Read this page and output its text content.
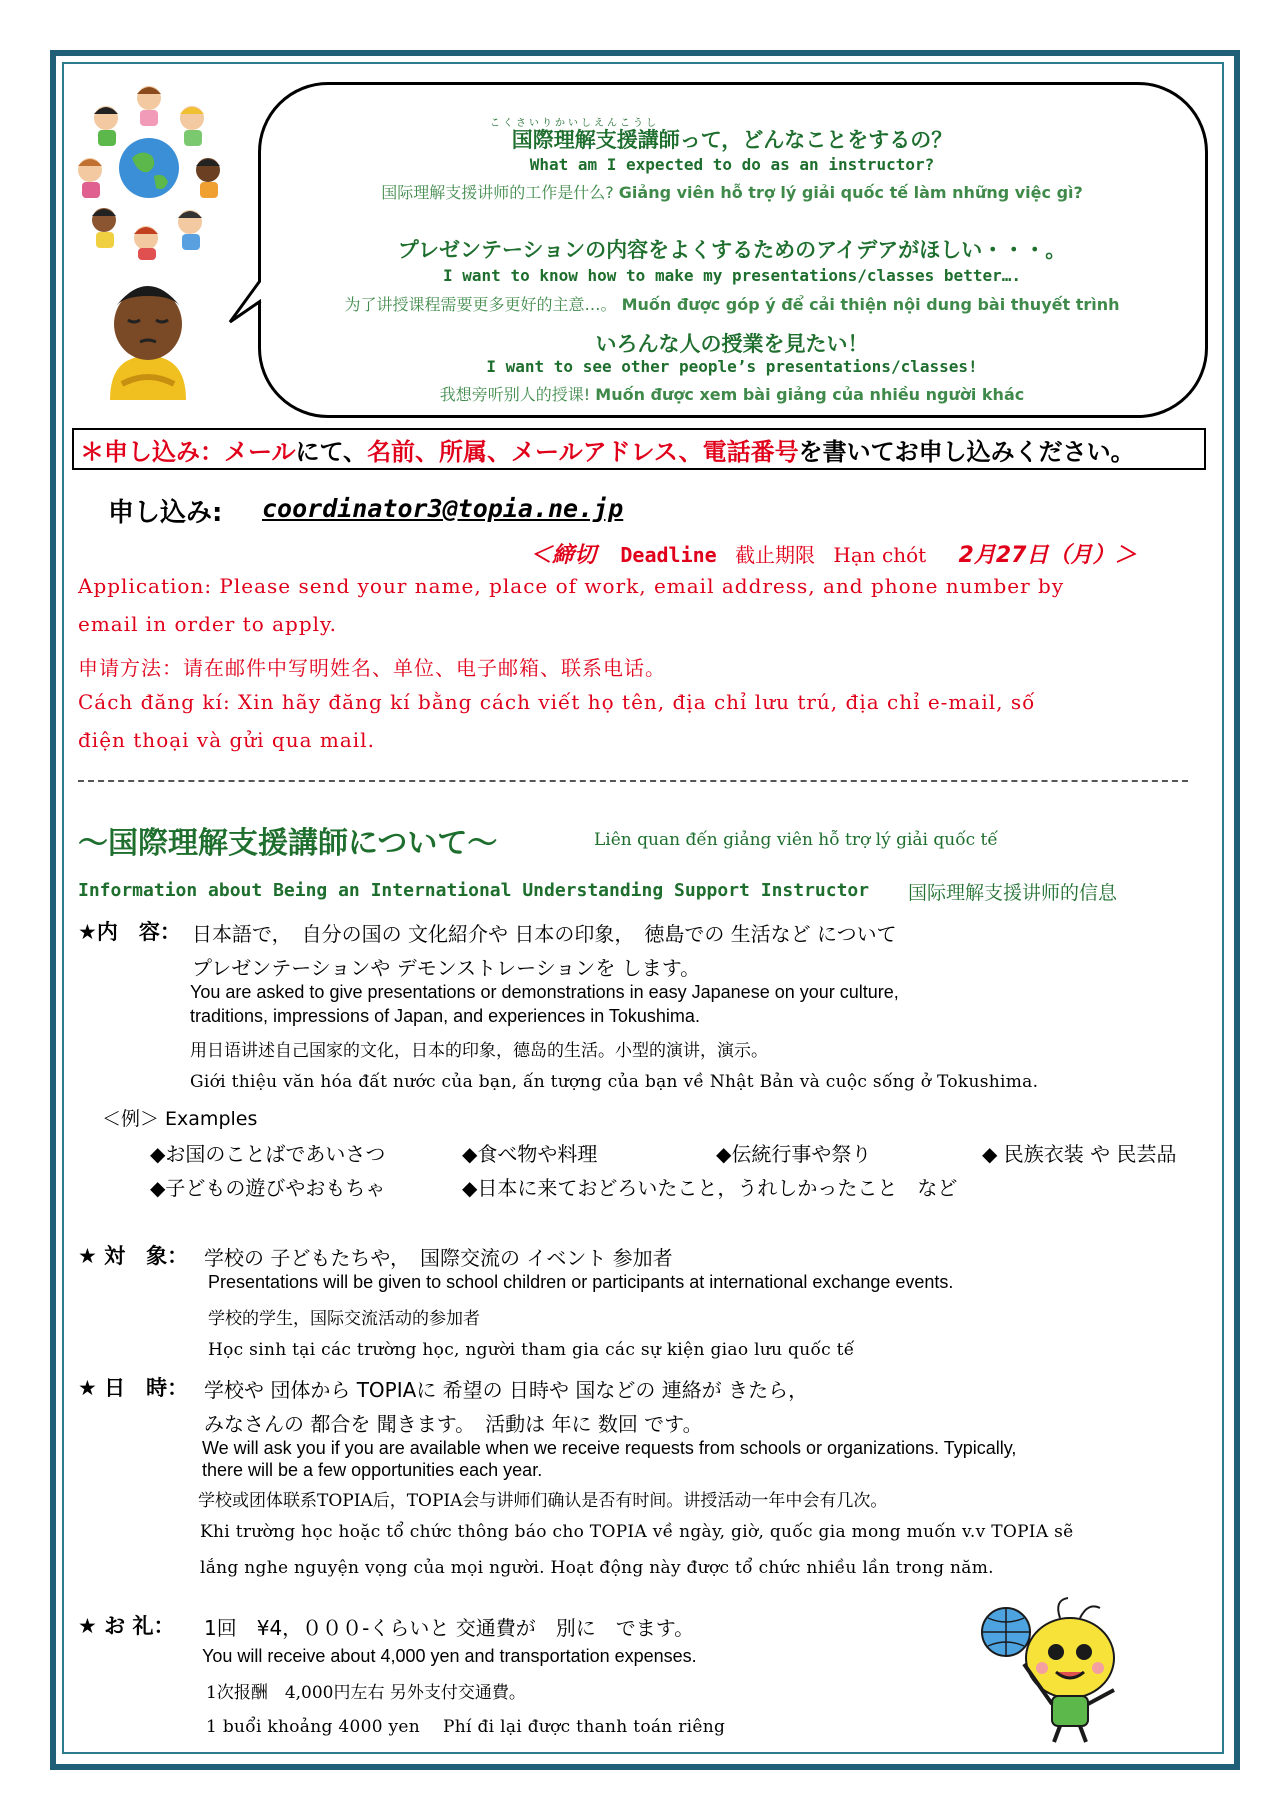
こくさいりかいしえんこうし
国際理解支援講師って，どんなことをするの？
What am I expected to do as an instructor?
国际理解支援讲师的工作是什么? Giảng viên hỗ trợ lý giải quốc tế làm những việc gì?
プレゼンテーションの内容をよくするためのアイデアがほしい・・・。
I want to know how to make my presentations/classes better….
为了讲授课程需要更多更好的主意…。 Muốn được góp ý để cải thiện nội dung bài thuyết trình
いろんな人の授業を見たい！
I want to see other people’s presentations/classes!
我想旁听别人的授课! Muốn được xem bài giảng của nhiều người khác
＊申し込み：メールにて、名前、所属、メールアドレス、電話番号を書いてお申し込みください。
申し込み: coordinator3@topia.ne.jp
＜締切 Deadline 截止期限 Hạn chót 2月27日（月）＞
Application: Please send your name, place of work, email address, and phone number by
email in order to apply.
申请方法：请在邮件中写明姓名、单位、电子邮箱、联系电话。
Cách đăng kí: Xin hãy đăng kí bằng cách viết họ tên, địa chỉ lưu trú, địa chỉ e-mail, số
điện thoại và gửi qua mail.
〜国際理解支援講師について〜	Liên quan đến giảng viên hỗ trợ lý giải quốc tế
Information about Being an International Understanding Support Instructor 国际理解支援讲师的信息
★内　容： 日本語で，　自分の国の 文化紹介や 日本の印象，　徳島での 生活など について
プレゼンテーションや デモンストレーションを します。
You are asked to give presentations or demonstrations in easy Japanese on your culture,
traditions, impressions of Japan, and experiences in Tokushima.
用日语讲述自己国家的文化，日本的印象，德岛的生活。小型的演讲，演示。
Giới thiệu văn hóa đất nước của bạn, ấn tượng của bạn về Nhật Bản và cuộc sống ở Tokushima.
＜例＞ Examples
◆お国のことばであいさつ	◆食べ物や料理	◆伝統行事や祭り	◆ 民族衣装 や 民芸品
◆子どもの遊びやおもちゃ	◆日本に来ておどろいたこと，うれしかったこと　など
★ 対　象： 学校の 子どもたちや，　国際交流の イベント 参加者
Presentations will be given to school children or participants at international exchange events.
学校的学生，国际交流活动的参加者
Học sinh tại các trường học, người tham gia các sự kiện giao lưu quốc tế
★ 日　時： 学校や 団体から TOPIAに 希望の 日時や 国などの 連絡が きたら，
みなさんの 都合を 聞きます。　活動は 年に 数回 です。
We will ask you if you are available when we receive requests from schools or organizations. Typically,
there will be a few opportunities each year.
学校或团体联系TOPIA后，TOPIA会与讲师们确认是否有时间。讲授活动一年中会有几次。
Khi trường học hoặc tổ chức thông báo cho TOPIA về ngày, giờ, quốc gia mong muốn v.v TOPIA sẽ
lắng nghe nguyện vọng của mọi người. Hoạt động này được tổ chức nhiều lần trong năm.
★ お 礼： 1回　¥4，０００-くらいと 交通費が　別に　でます。
You will receive about 4,000 yen and transportation expenses.
1次报酬　4,000円左右 另外支付交通費。
1 buổi khoảng 4000 yen　 Phí đi lại được thanh toán riêng
